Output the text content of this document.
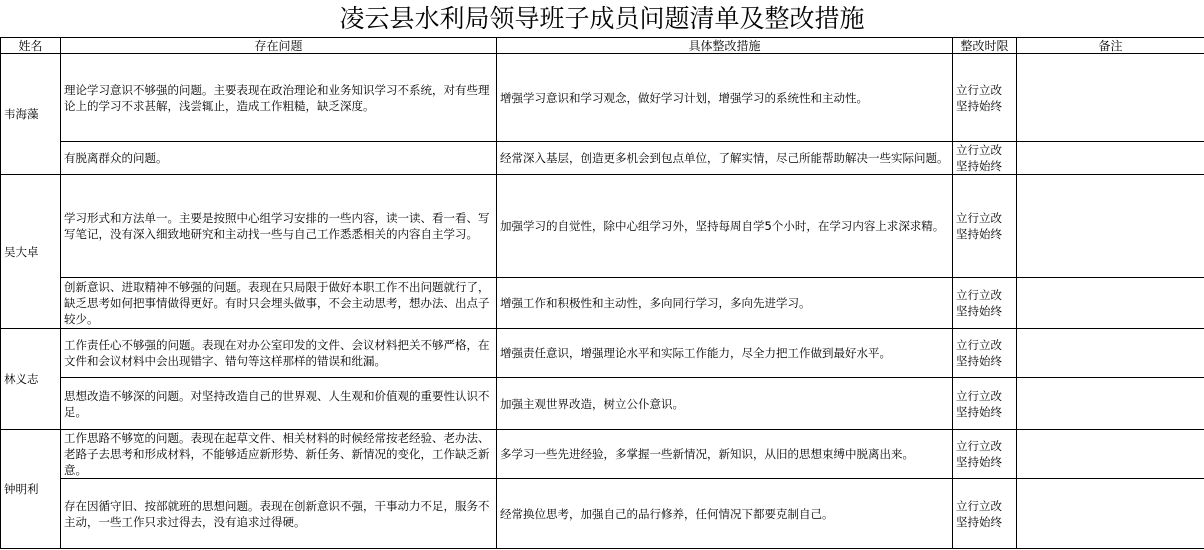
凌云县水利局领导班子成员问题清单及整改措施
姓名	存在问题	具体整改措施	整改时限	备注
韦海藻	理论学习意识不够强的问题。主要表现在政治理论和业务知识学习不系统，对有些理论上的学习不求甚解，浅尝辄止，造成工作粗糙，缺乏深度。	增强学习意识和学习观念，做好学习计划，增强学习的系统性和主动性。	立行立改
坚持始终	

	有脱离群众的问题。	经常深入基层，创造更多机会到包点单位，了解实情，尽己所能帮助解决一些实际问题。	立行立改
坚持始终	

吴大卓	学习形式和方法单一。主要是按照中心组学习安排的一些内容，读一读、看一看、写写笔记，没有深入细致地研究和主动找一些与自己工作悉悉相关的内容自主学习。	加强学习的自觉性，除中心组学习外，坚持每周自学5个小时，在学习内容上求深求精。	立行立改
坚持始终	

	创新意识、进取精神不够强的问题。表现在只局限于做好本职工作不出问题就行了，缺乏思考如何把事情做得更好。有时只会埋头做事，不会主动思考，想办法、出点子较少。	增强工作和积极性和主动性，多向同行学习，多向先进学习。	立行立改
坚持始终	

林义志	工作责任心不够强的问题。表现在对办公室印发的文件、会议材料把关不够严格，在文件和会议材料中会出现错字、错句等这样那样的错误和纰漏。	增强责任意识，增强理论水平和实际工作能力，尽全力把工作做到最好水平。	立行立改
坚持始终	

	思想改造不够深的问题。对坚持改造自己的世界观、人生观和价值观的重要性认识不足。	加强主观世界改造，树立公仆意识。	立行立改
坚持始终	

钟明利	工作思路不够宽的问题。表现在起草文件、相关材料的时候经常按老经验、老办法、老路子去思考和形成材料，不能够适应新形势、新任务、新情况的变化，工作缺乏新意。	多学习一些先进经验，多掌握一些新情况，新知识，从旧的思想束缚中脱离出来。	立行立改
坚持始终	

	存在因循守旧、按部就班的思想问题。表现在创新意识不强，干事动力不足，服务不主动，一些工作只求过得去，没有追求过得硬。	经常换位思考，加强自己的品行修养，任何情况下都要克制自己。	立行立改
坚持始终	
